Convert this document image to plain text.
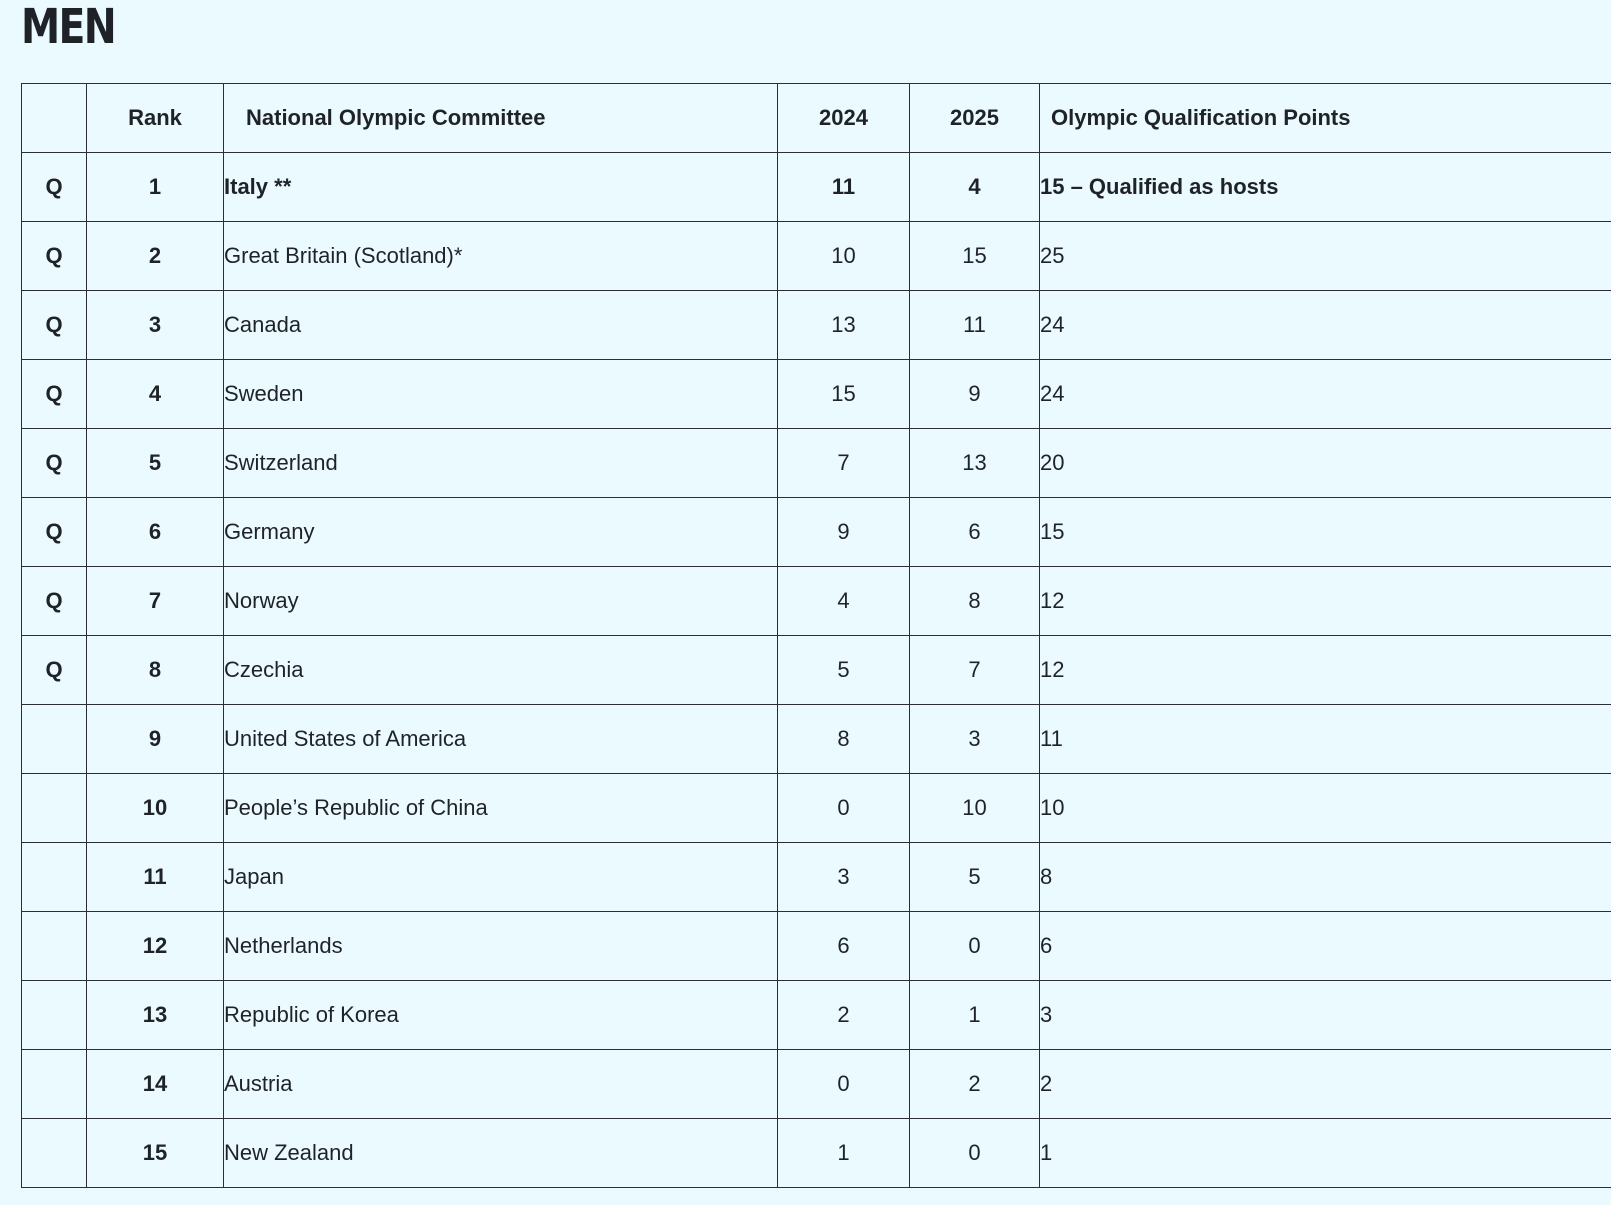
MEN
	Rank	National Olympic Committee	2024	2025	Olympic Qualification Points
Q	1	Italy **	11	4	15 – Qualified as hosts
Q	2	Great Britain (Scotland)*	10	15	25
Q	3	Canada	13	11	24
Q	4	Sweden	15	9	24
Q	5	Switzerland	7	13	20
Q	6	Germany	9	6	15
Q	7	Norway	4	8	12
Q	8	Czechia	5	7	12
	9	United States of America	8	3	11
	10	People’s Republic of China	0	10	10
	11	Japan	3	5	8
	12	Netherlands	6	0	6
	13	Republic of Korea	2	1	3
	14	Austria	0	2	2
	15	New Zealand	1	0	1
